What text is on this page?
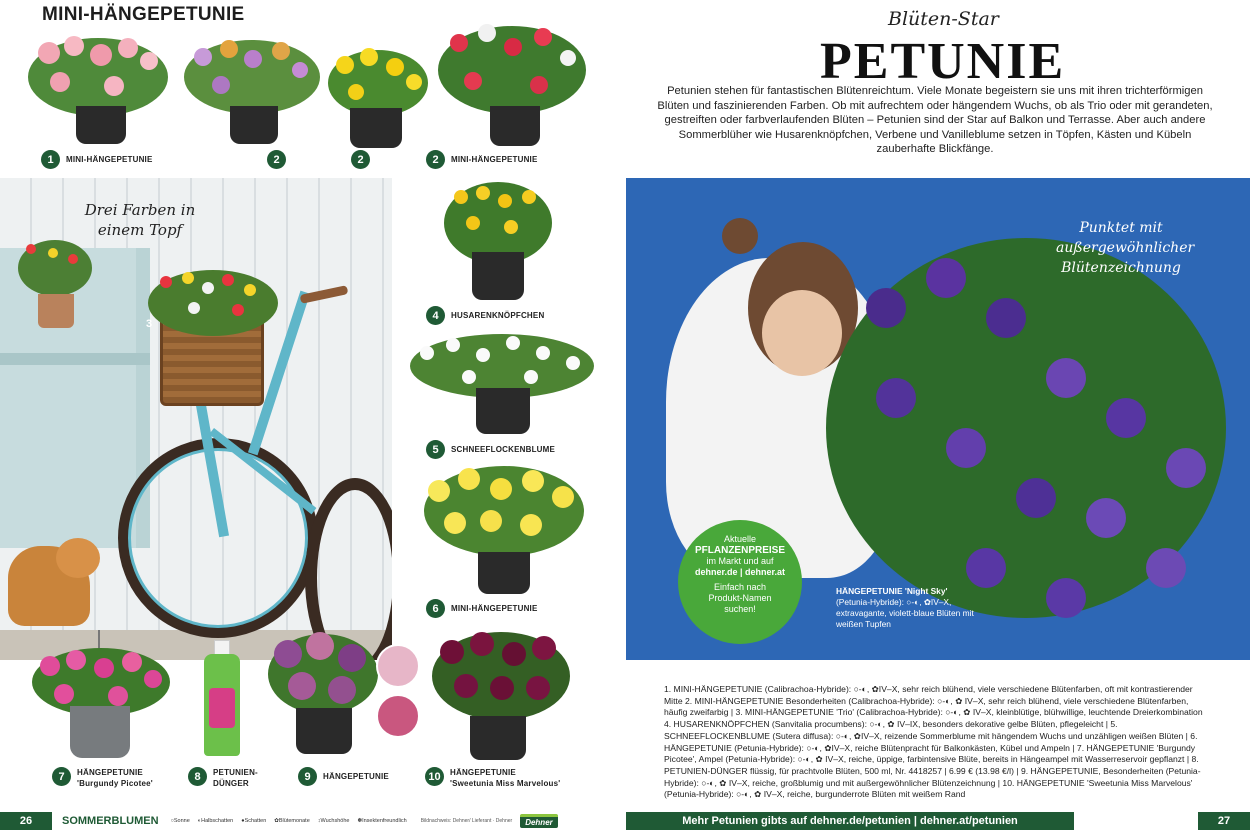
MINI-HÄNGEPETUNIE
1	MINI-HÄNGEPETUNIE	2	2	2	MINI-HÄNGEPETUNIE
Drei Farben in einem Topf
3
4	HUSARENKNÖPFCHEN
5	SCHNEEFLOCKENBLUME
6	MINI-HÄNGEPETUNIE
7	HÄNGEPETUNIE
'Burgundy Picotee'
8	PETUNIEN-
DÜNGER
9	HÄNGEPETUNIE	10	HÄNGEPETUNIE
'Sweetunia Miss Marvelous'
26	SOMMERBLUMEN ○Sonne ◐Halbschatten ●Schatten ✿Blütemonate ↕Wuchshöhe ✽Insektenfreundlich	Bildnachweis: Dehner/ Lieferant · Dehner	Dehner
Blüten-Star
PETUNIE
Petunien stehen für fantastischen Blütenreichtum. Viele Monate begeistern sie uns mit ihren trichterförmigen Blüten und faszinierenden Farben. Ob mit aufrechtem oder hängendem Wuchs, ob als Trio oder mit gerandeten, gestreiften oder farbverlaufenden Blüten – Petunien sind der Star auf Balkon und Terrasse. Aber auch andere Sommerblüher wie Husarenknöpfchen, Verbene und Vanilleblume setzen in Töpfen, Kästen und Kübeln zauberhafte Blickfänge.
Punktet mit außergewöhnlicher Blütenzeichnung
HÄNGEPETUNIE 'Night Sky'
(Petunia-Hybride): ○-◐, ✿IV–X, extravagante, violett-blaue Blüten mit weißen Tupfen
Aktuelle
PFLANZENPREISE
im Markt und auf
dehner.de | dehner.at
Einfach nach Produkt-Namen suchen!
1. MINI-HÄNGEPETUNIE (Calibrachoa-Hybride): ○-◐, ✿IV–X, sehr reich blühend, viele verschiedene Blütenfarben, oft mit kontrastierender Mitte 2. MINI-HÄNGEPETUNIE Besonderheiten (Calibrachoa-Hybride): ○-◐, ✿ IV–X, sehr reich blühend, viele verschiedene Blütenfarben, häufig zweifarbig | 3. MINI-HÄNGEPETUNIE 'Trio' (Calibrachoa-Hybride): ○-◐, ✿ IV–X, kleinblütige, blühwillige, leuchtende Dreierkombination 4. HUSARENKNÖPFCHEN (Sanvitalia procumbens): ○-◐, ✿ IV–IX, besonders dekorative gelbe Blüten, pflegeleicht | 5. SCHNEEFLOCKENBLUME (Sutera diffusa): ○-◐, ✿IV–X, reizende Sommerblume mit hängendem Wuchs und unzähligen weißen Blüten | 6. HÄNGEPETUNIE (Petunia-Hybride): ○-◐, ✿IV–X, reiche Blütenpracht für Balkonkästen, Kübel und Ampeln | 7. HÄNGEPETUNIE 'Burgundy Picotee', Ampel (Petunia-Hybride): ○-◐, ✿ IV–X, reiche, üppige, farbintensive Blüte, bereits in Hängeampel mit Wasserreservoir gepflanzt | 8. PETUNIEN-DÜNGER flüssig, für prachtvolle Blüten, 500 ml, Nr. 4418257 | 6.99 € (13.98 €/l) | 9. HÄNGEPETUNIE, Besonderheiten (Petunia-Hybride): ○-◐, ✿ IV–X, reiche, großblumig und mit außergewöhnlicher Blütenzeichnung | 10. HÄNGEPETUNIE 'Sweetunia Miss Marvelous' (Petunia-Hybride): ○-◐, ✿ IV–X, reiche, burgunderrote Blüten mit weißem Rand
Mehr Petunien gibts auf dehner.de/petunien | dehner.at/petunien	27
